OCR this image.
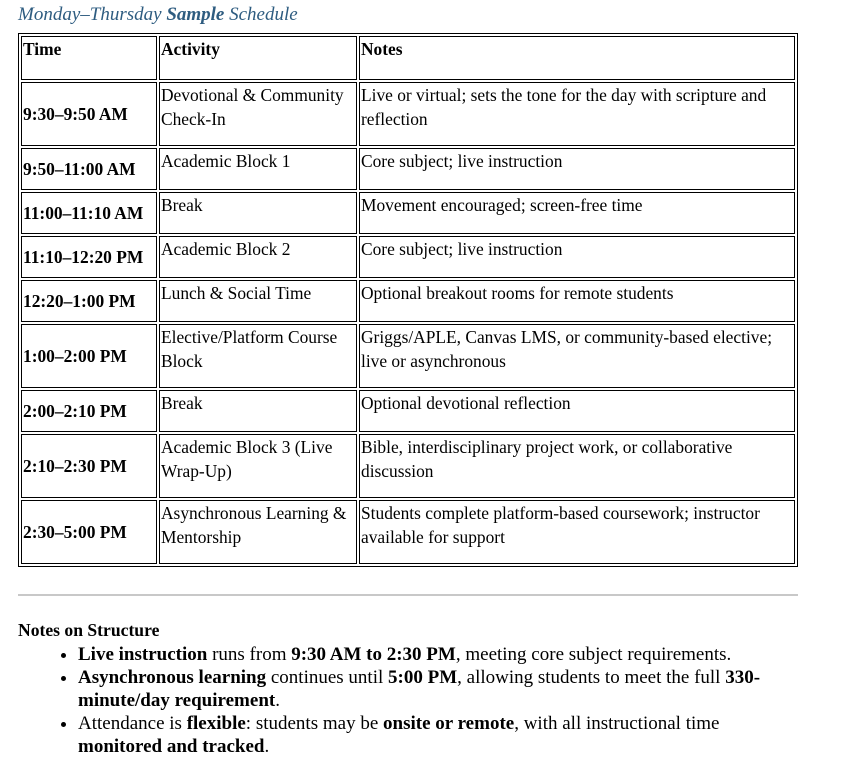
Monday–Thursday Sample Schedule
Time	Activity	Notes
9:30–9:50 AM	Devotional & Community Check-In	Live or virtual; sets the tone for the day with scripture and reflection
9:50–11:00 AM	Academic Block 1	Core subject; live instruction
11:00–11:10 AM	Break	Movement encouraged; screen-free time
11:10–12:20 PM	Academic Block 2	Core subject; live instruction
12:20–1:00 PM	Lunch & Social Time	Optional breakout rooms for remote students
1:00–2:00 PM	Elective/Platform Course Block	Griggs/APLE, Canvas LMS, or community-based elective; live or asynchronous
2:00–2:10 PM	Break	Optional devotional reflection
2:10–2:30 PM	Academic Block 3 (Live Wrap-Up)	Bible, interdisciplinary project work, or collaborative discussion
2:30–5:00 PM	Asynchronous Learning & Mentorship	Students complete platform-based coursework; instructor available for support
Notes on Structure
• Live instruction runs from 9:30 AM to 2:30 PM, meeting core subject requirements.
• Asynchronous learning continues until 5:00 PM, allowing students to meet the full 330-minute/day requirement.
• Attendance is flexible: students may be onsite or remote, with all instructional time monitored and tracked.
